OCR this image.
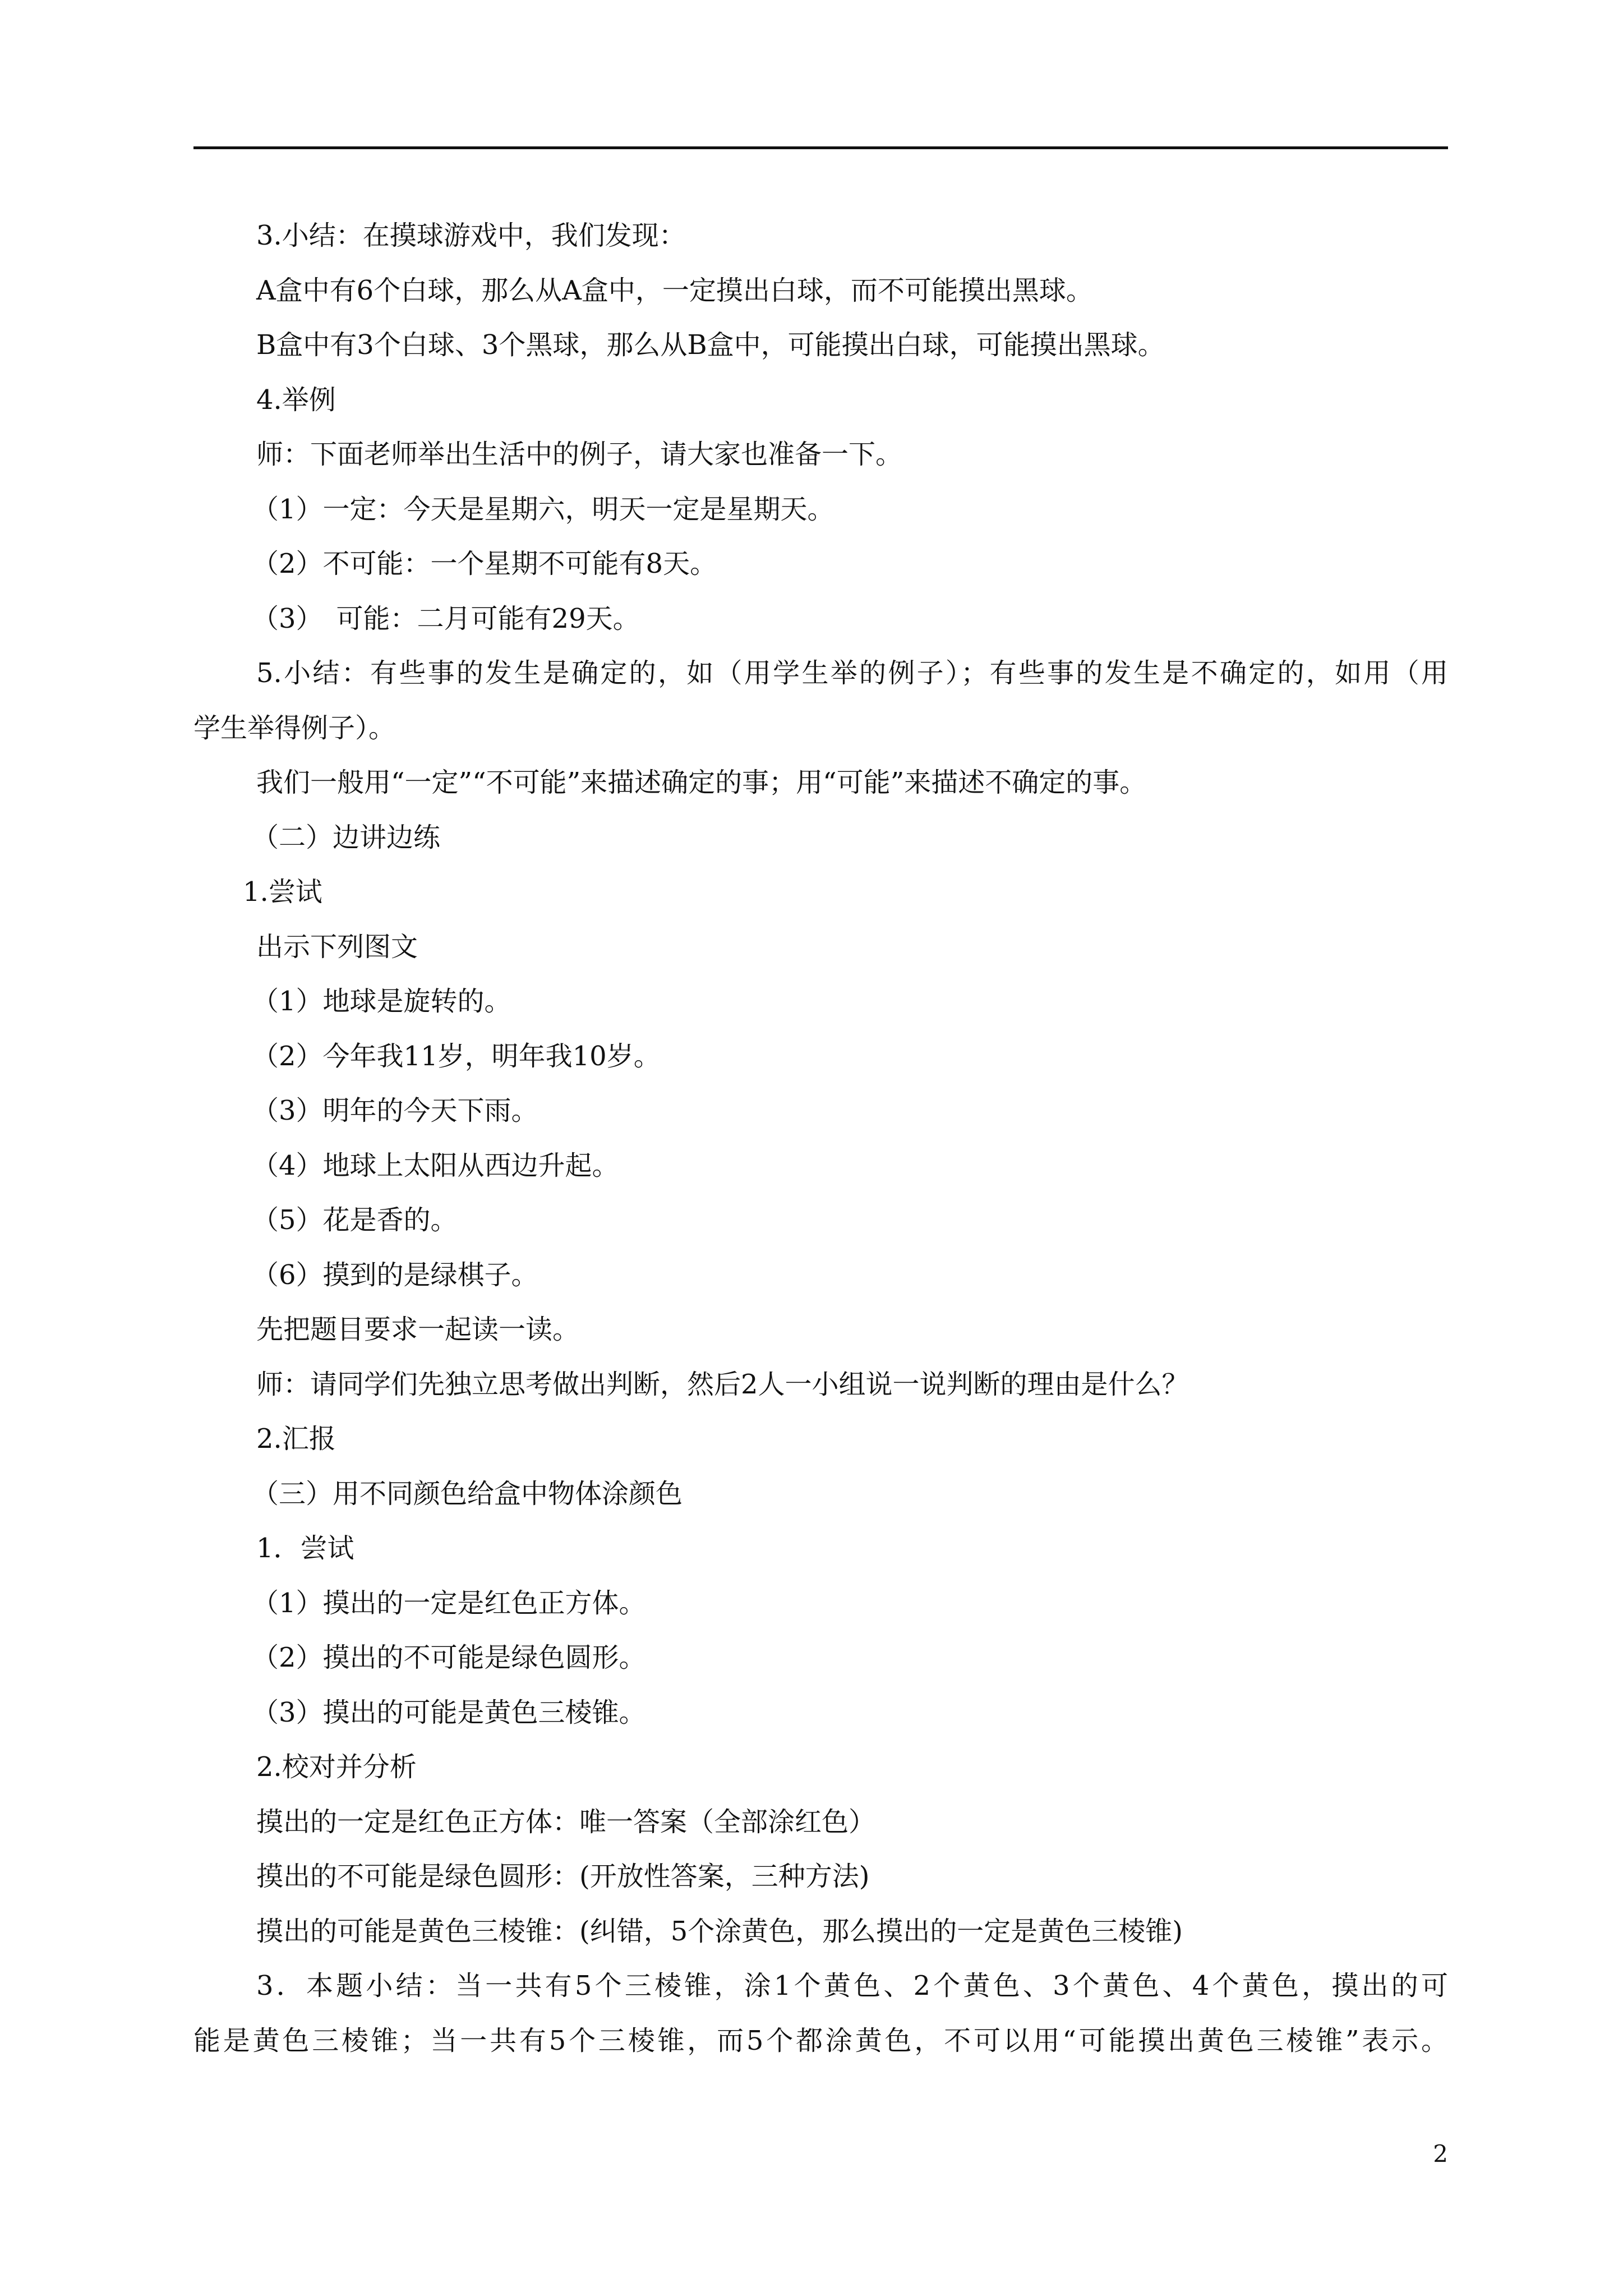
3.小结：在摸球游戏中，我们发现：
A盒中有6个白球，那么从A盒中，一定摸出白球，而不可能摸出黑球。
B盒中有3个白球、3个黑球，那么从B盒中，可能摸出白球，可能摸出黑球。
4.举例
师：下面老师举出生活中的例子，请大家也准备一下。
（1）一定：今天是星期六，明天一定是星期天。
（2）不可能：一个星期不可能有8天。
（3）　可能：二月可能有29天。
5.小结：有些事的发生是确定的，如（用学生举的例子）；有些事的发生是不确定的，如用（用
学生举得例子）。
我们一般用“一定”“不可能”来描述确定的事；用“可能”来描述不确定的事。
（二）边讲边练
1.尝试
出示下列图文
（1）地球是旋转的。
（2）今年我11岁，明年我10岁。
（3）明年的今天下雨。
（4）地球上太阳从西边升起。
（5）花是香的。
（6）摸到的是绿棋子。
先把题目要求一起读一读。
师：请同学们先独立思考做出判断，然后2人一小组说一说判断的理由是什么？
2.汇报
（三）用不同颜色给盒中物体涂颜色
1．尝试
（1）摸出的一定是红色正方体。
（2）摸出的不可能是绿色圆形。
（3）摸出的可能是黄色三棱锥。
2.校对并分析
摸出的一定是红色正方体：唯一答案（全部涂红色）
摸出的不可能是绿色圆形：(开放性答案，三种方法)
摸出的可能是黄色三棱锥：(纠错，5个涂黄色，那么摸出的一定是黄色三棱锥)
3．本题小结：当一共有5个三棱锥，涂1个黄色、2个黄色、3个黄色、4个黄色，摸出的可
能是黄色三棱锥；当一共有5个三棱锥，而5个都涂黄色，不可以用“可能摸出黄色三棱锥”表示。
2
